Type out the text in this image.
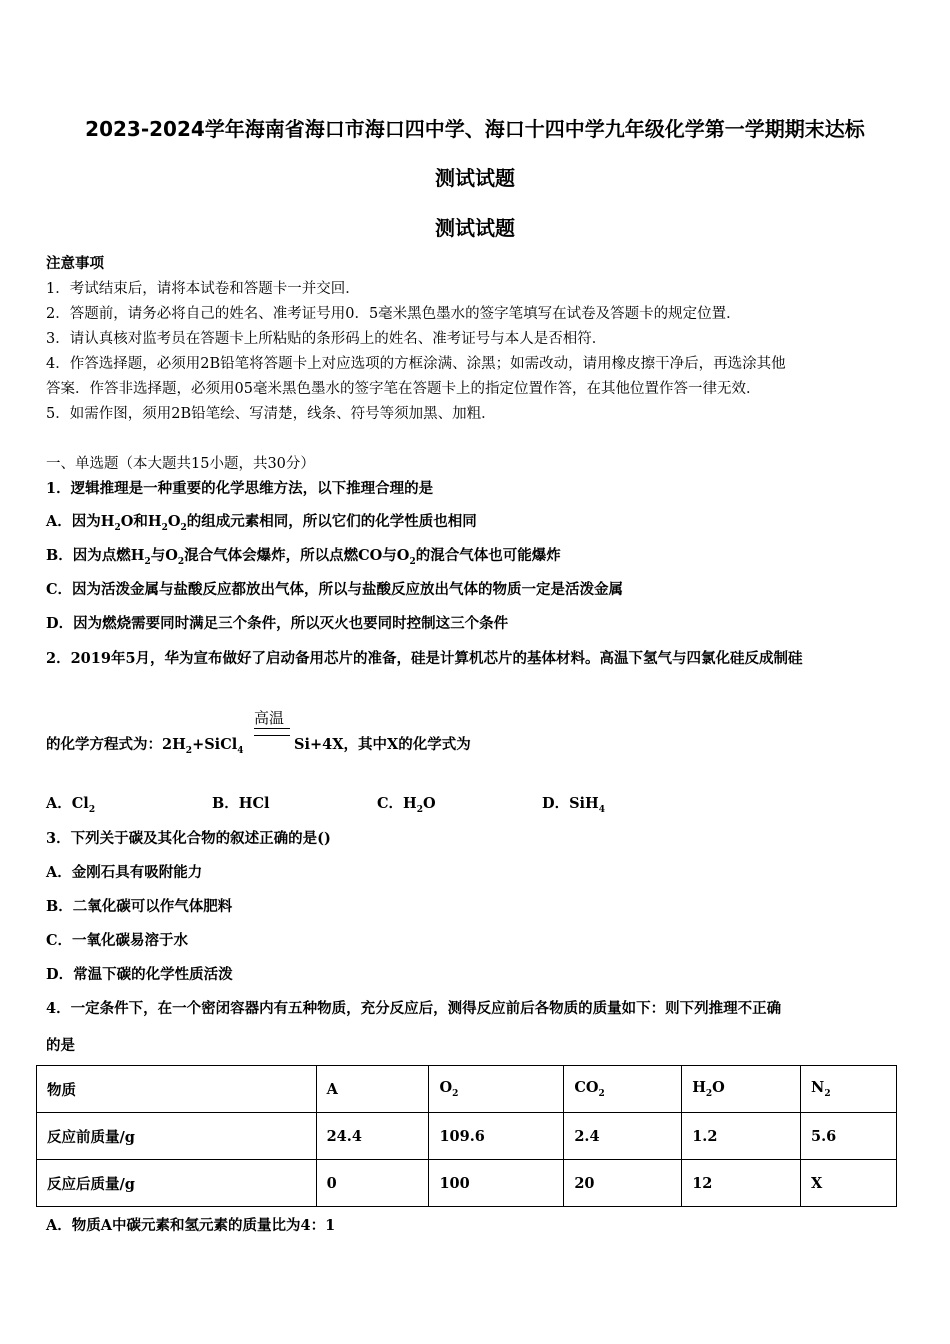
2023-2024学年海南省海口市海口四中学、海口十四中学九年级化学第一学期期末达标
测试试题
测试试题
注意事项
1．考试结束后，请将本试卷和答题卡一并交回．
2．答题前，请务必将自己的姓名、准考证号用0．5毫米黑色墨水的签字笔填写在试卷及答题卡的规定位置．
3．请认真核对监考员在答题卡上所粘贴的条形码上的姓名、准考证号与本人是否相符．
4．作答选择题，必须用2B铅笔将答题卡上对应选项的方框涂满、涂黑；如需改动，请用橡皮擦干净后，再选涂其他
答案．作答非选择题，必须用05毫米黑色墨水的签字笔在答题卡上的指定位置作答，在其他位置作答一律无效．
5．如需作图，须用2B铅笔绘、写清楚，线条、符号等须加黑、加粗．
一、单选题（本大题共15小题，共30分）
1．逻辑推理是一种重要的化学思维方法，以下推理合理的是
A．因为$H_2O$和$H_2O_2$的组成元素相同，所以它们的化学性质也相同
B．因为点燃$H_2$与$O_2$混合气体会爆炸，所以点燃CO与$O_2$的混合气体也可能爆炸
C．因为活泼金属与盐酸反应都放出气体，所以与盐酸反应放出气体的物质一定是活泼金属
D．因为燃烧需要同时满足三个条件，所以灭火也要同时控制这三个条件
2．2019年5月，华为宣布做好了启动备用芯片的准备，硅是计算机芯片的基体材料。高温下氢气与四氯化硅反成制硅
高温
的化学方程式为：$2H_2+SiCl_4$	Si+4X，其中X的化学式为
A．$Cl_2$	B．HCl	C．$H_2O$	D．SiH$_4$
3．下列关于碳及其化合物的叙述正确的是()
A．金刚石具有吸附能力
B．二氧化碳可以作气体肥料
C．一氧化碳易溶于水
D．常温下碳的化学性质活泼
4．一定条件下，在一个密闭容器内有五种物质，充分反应后，测得反应前后各物质的质量如下：则下列推理不正确
的是
物质	A	$O_2$	$CO_2$	$H_2O$	$N_2$
反应前质量/g	24.4	109.6	2.4	1.2	5.6
反应后质量/g	0	100	20	12	X
A．物质A中碳元素和氢元素的质量比为4：1
